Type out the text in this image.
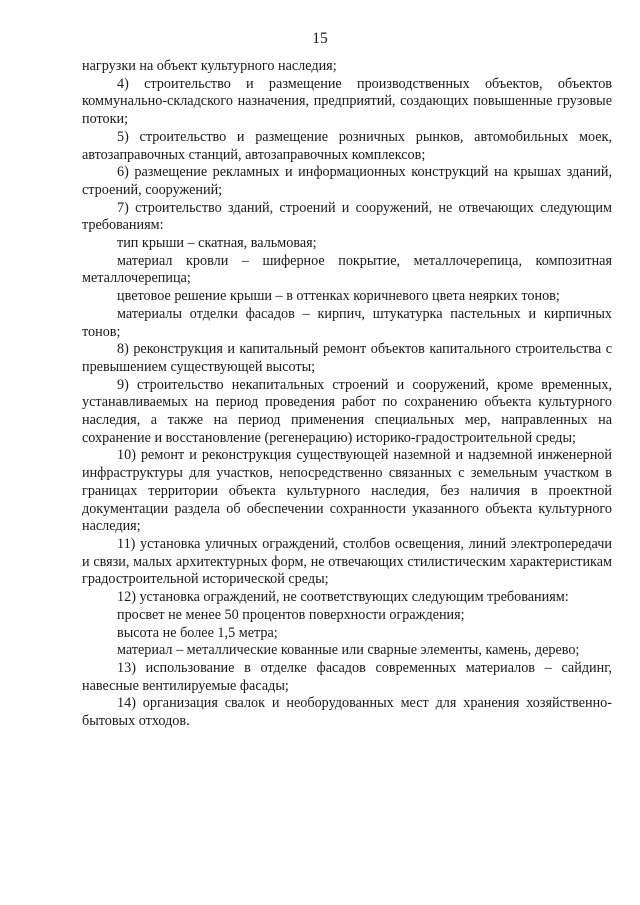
15

нагрузки на объект культурного наследия;

4) строительство и размещение производственных объектов, объектов коммунально-складского назначения, предприятий, создающих повышенные грузовые потоки;

5) строительство и размещение розничных рынков, автомобильных моек, автозаправочных станций, автозаправочных комплексов;

6) размещение рекламных и информационных конструкций на крышах зданий, строений, сооружений;

7) строительство зданий, строений и сооружений, не отвечающих следующим требованиям:

тип крыши – скатная, вальмовая;

материал кровли – шиферное покрытие, металлочерепица, композитная металлочерепица;

цветовое решение крыши – в оттенках коричневого цвета неярких тонов;

материалы отделки фасадов – кирпич, штукатурка пастельных и кирпичных тонов;

8) реконструкция и капитальный ремонт объектов капитального строительства с превышением существующей высоты;

9) строительство некапитальных строений и сооружений, кроме временных, устанавливаемых на период проведения работ по сохранению объекта культурного наследия, а также на период применения специальных мер, направленных на сохранение и восстановление (регенерацию) историко-градостроительной среды;

10) ремонт и реконструкция существующей наземной и надземной инженерной инфраструктуры для участков, непосредственно связанных с земельным участком в границах территории объекта культурного наследия, без наличия в проектной документации раздела об обеспечении сохранности указанного объекта культурного наследия;

11) установка уличных ограждений, столбов освещения, линий электропередачи и связи, малых архитектурных форм, не отвечающих стилистическим характеристикам градостроительной исторической среды;

12) установка ограждений, не соответствующих следующим требованиям:

просвет не менее 50 процентов поверхности ограждения;

высота не более 1,5 метра;

материал – металлические кованные или сварные элементы, камень, дерево;

13) использование в отделке фасадов современных материалов – сайдинг, навесные вентилируемые фасады;

14) организация свалок и необорудованных мест для хранения хозяйственно-бытовых отходов.
